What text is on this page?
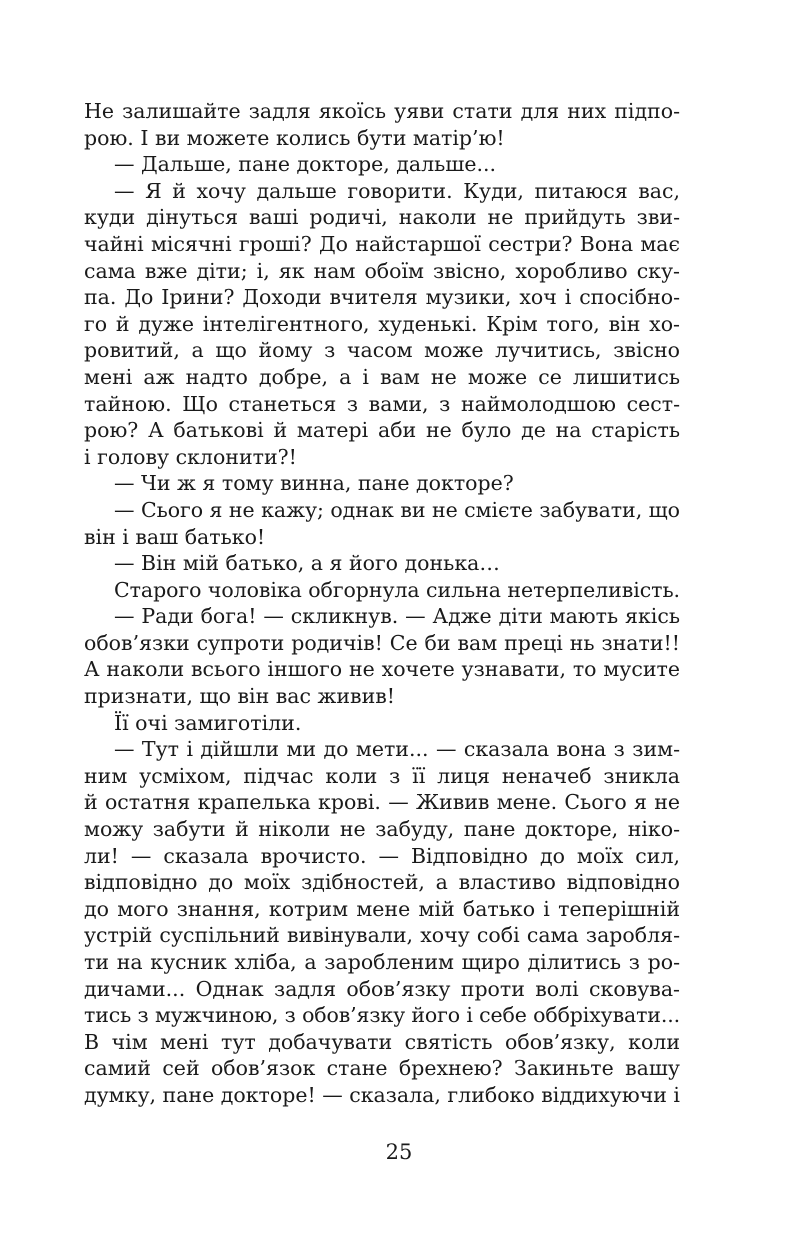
Не залишайте задля якоїсь уяви стати для них підпо-
рою. І ви можете колись бути матір’ю!
— Дальше, пане докторе, дальше...
— Я й хочу дальше говорити. Куди, питаюся вас,
куди дінуться ваші родичі, наколи не прийдуть зви-
чайні місячні гроші? До найстаршої сестри? Вона має
сама вже діти; і, як нам обоїм звісно, хоробливо ску-
па. До Ірини? Доходи вчителя музики, хоч і спосібно-
го й дуже інтелігентного, худенькі. Крім того, він хо-
ровитий, а що йому з часом може лучитись, звісно
мені аж надто добре, а і вам не може се лишитись
тайною. Що станеться з вами, з наймолодшою сест-
рою? А батькові й матері аби не було де на старість
і голову склонити?!
— Чи ж я тому винна, пане докторе?
— Сього я не кажу; однак ви не смієте забувати, що
він і ваш батько!
— Він мій батько, а я його донька…
Старого чоловіка обгорнула сильна нетерпеливість.
— Ради бога! — скликнув. — Адже діти мають якісь
обов’язки супроти родичів! Се би вам преці нь знати!!
А наколи всього іншого не хочете узнавати, то мусите
признати, що він вас живив!
Її очі замиготіли.
— Тут і дійшли ми до мети... — сказала вона з зим-
ним усміхом, підчас коли з її лиця неначеб зникла
й остатня крапелька крові. — Живив мене. Сього я не
можу забути й ніколи не забуду, пане докторе, ніко-
ли! — сказала врочисто. — Відповідно до моїх сил,
відповідно до моїх здібностей, а властиво відповідно
до мого знання, котрим мене мій батько і теперішній
устрій суспільний вивінували, хочу собі сама заробля-
ти на кусник хліба, а заробленим щиро ділитись з ро-
дичами... Однак задля обов’язку проти волі сковува-
тись з мужчиною, з обов’язку його і себе оббріхувати...
В чім мені тут добачувати святість обов’язку, коли
самий сей обов’язок стане брехнею? Закиньте вашу
думку, пане докторе! — сказала, глибоко віддихуючи і
25
